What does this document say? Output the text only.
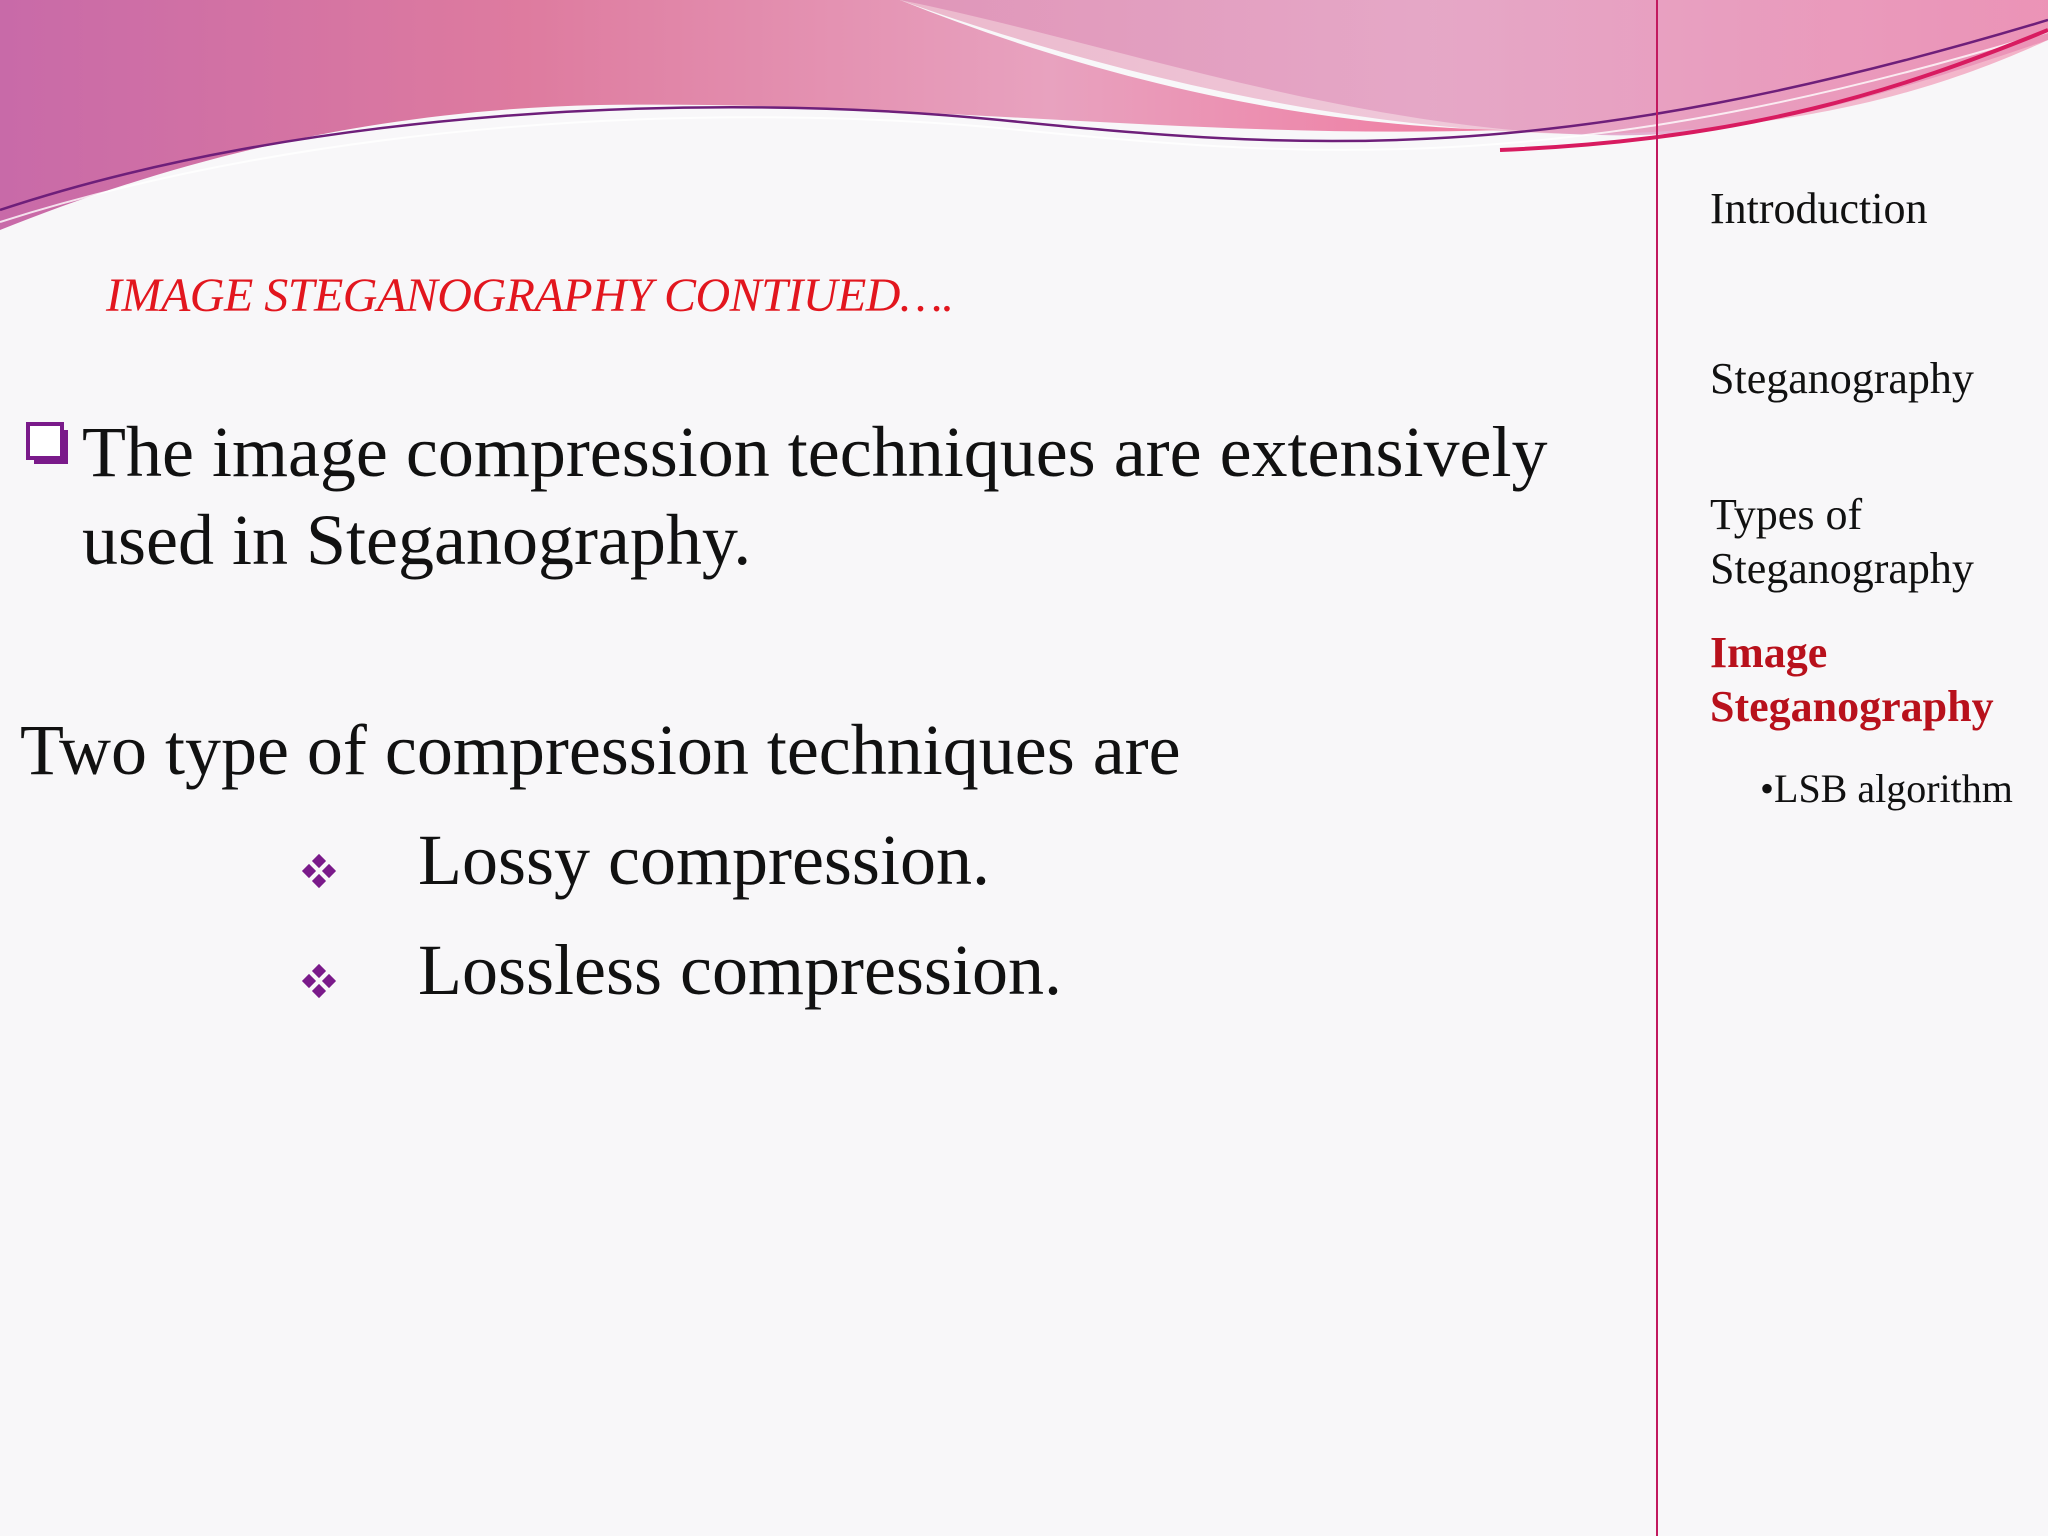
IMAGE STEGANOGRAPHY CONTIUED….
The image compression techniques are extensively
used in Steganography.
Two type of compression techniques are
Lossy compression.
Lossless compression.
Introduction
Steganography
Types of
Steganography
Image
Steganography
•LSB algorithm
